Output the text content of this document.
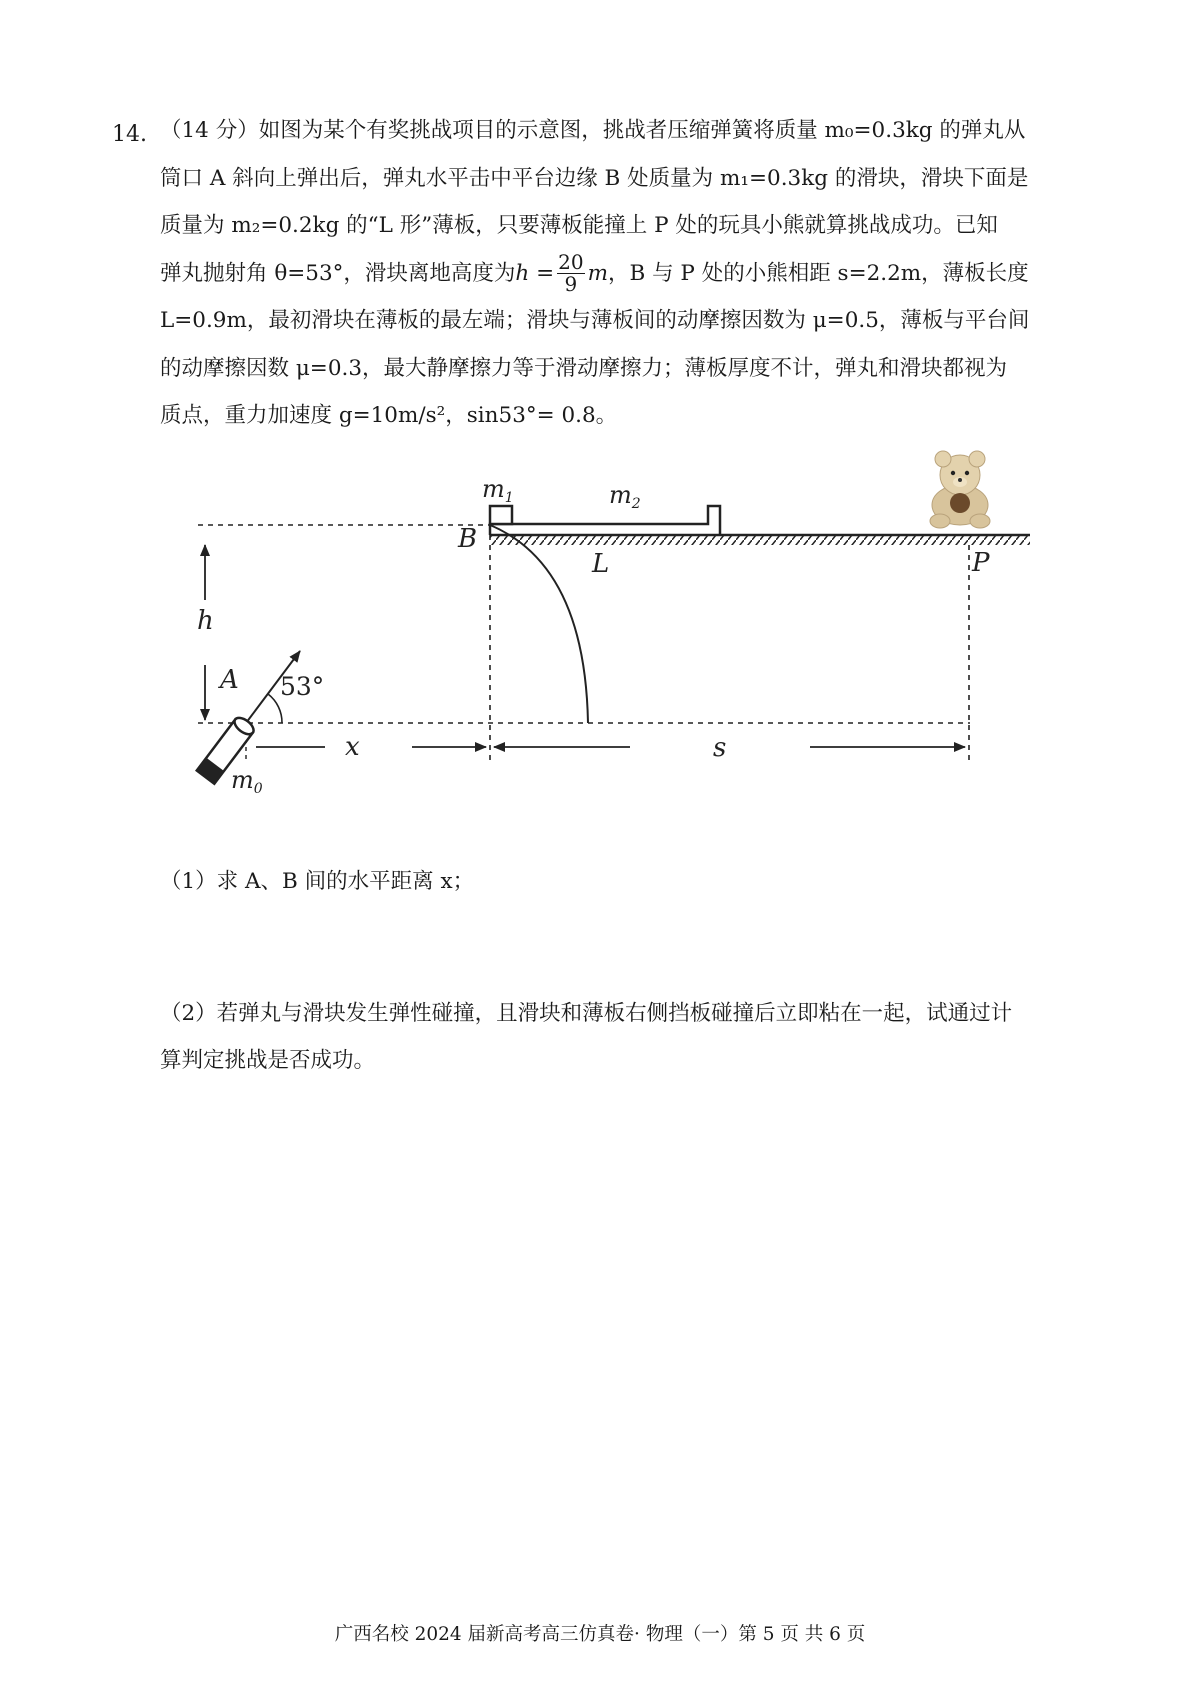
14. （14 分）如图为某个有奖挑战项目的示意图，挑战者压缩弹簧将质量 m₀=0.3kg 的弹丸从

筒口 A 斜向上弹出后，弹丸水平击中平台边缘 B 处质量为 m₁=0.3kg 的滑块，滑块下面是

质量为 m₂=0.2kg 的“L 形”薄板，只要薄板能撞上 P 处的玩具小熊就算挑战成功。已知

弹丸抛射角 θ=53°，滑块离地高度为$h = \frac{20}{9}$ m，B 与 P 处的小熊相距 s=2.2m，薄板长度

L=0.9m，最初滑块在薄板的最左端；滑块与薄板间的动摩擦因数为 μ=0.5，薄板与平台间

的动摩擦因数 μ=0.3，最大静摩擦力等于滑动摩擦力；薄板厚度不计，弹丸和滑块都视为

质点，重力加速度 g=10m/s²，sin53°= 0.8。

$m_1$	$m_2$
B
L	P
h
A 53°
x	s
$m_0$
（1）求 A、B 间的水平距离 x；

（2）若弹丸与滑块发生弹性碰撞，且滑块和薄板右侧挡板碰撞后立即粘在一起，试通过计

算判定挑战是否成功。

广西名校 2024 届新高考高三仿真卷· 物理（一）第 5 页 共 6 页
